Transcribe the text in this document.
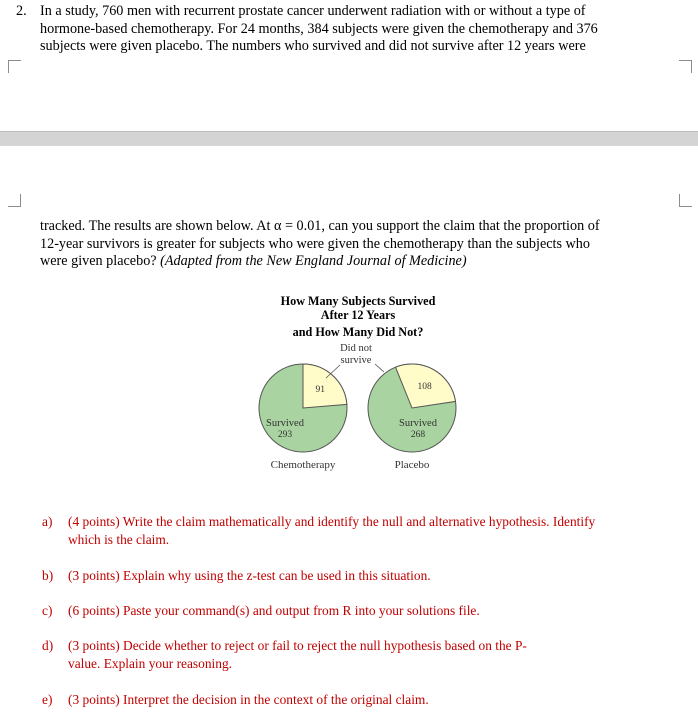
2. In a study, 760 men with recurrent prostate cancer underwent radiation with or without a type of

hormone-based chemotherapy. For 24 months, 384 subjects were given the chemotherapy and 376

subjects were given placebo. The numbers who survived and did not survive after 12 years were

tracked. The results are shown below. At α = 0.01, can you support the claim that the proportion of

12-year survivors is greater for subjects who were given the chemotherapy than the subjects who

were given placebo? (Adapted from the New England Journal of Medicine)

How Many Subjects Survived
After 12 Years
and How Many Did Not?
91
Survived
293
Chemotherapy
108
Survived
268
Placebo
Did not
survive
a)	(4 points) Write the claim mathematically and identify the null and alternative hypothesis. Identify
which is the claim.
b)	(3 points) Explain why using the z-test can be used in this situation.
c)	(6 points) Paste your command(s) and output from R into your solutions file.
d)	(3 points) Decide whether to reject or fail to reject the null hypothesis based on the P-
value. Explain your reasoning.
e)	(3 points) Interpret the decision in the context of the original claim.
